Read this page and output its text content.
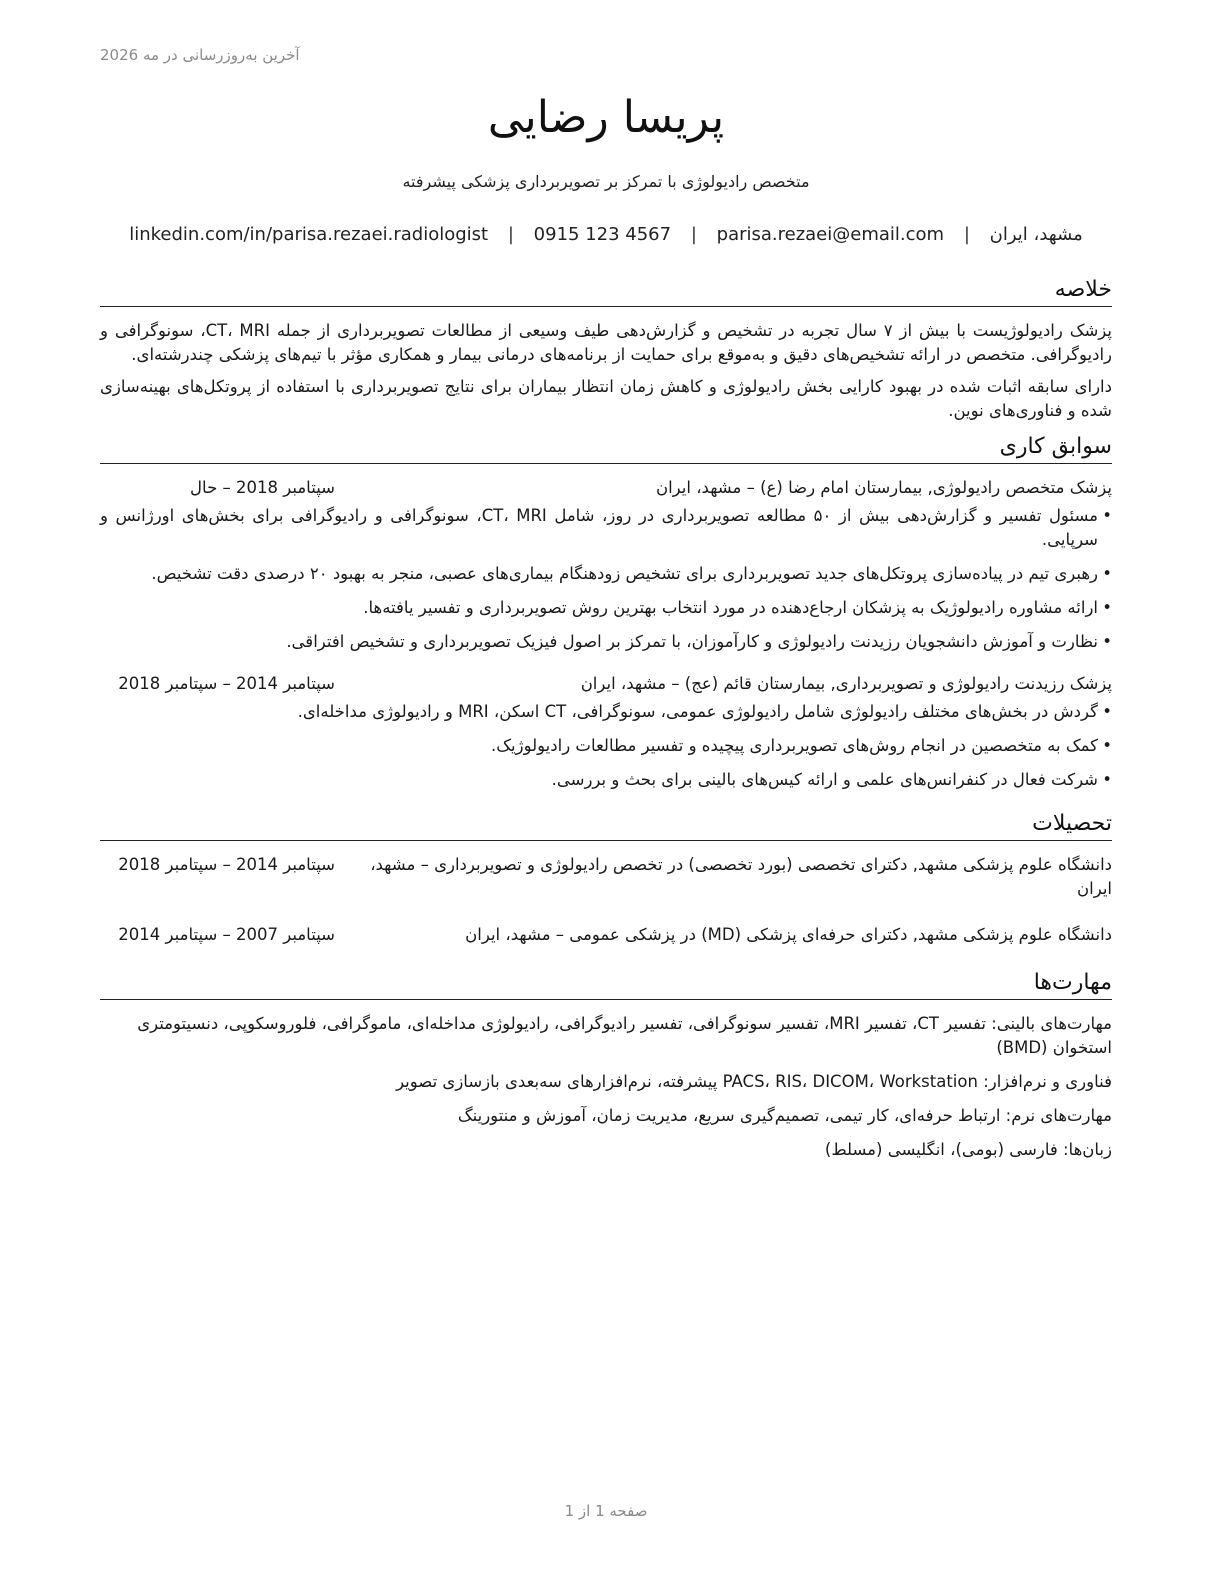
آخرین به‌روزرسانی در مه 2026
پریسا رضایی
متخصص رادیولوژی با تمرکز بر تصویربرداری پزشکی پیشرفته
مشهد، ایران | parisa.rezaei@email.com | 0915 123 4567 | linkedin.com/in/parisa.rezaei.radiologist
خلاصه

پزشک رادیولوژیست با بیش از ۷ سال تجربه در تشخیص و گزارش‌دهی طیف وسیعی از مطالعات تصویربرداری از جمله CT، MRI، سونوگرافی و رادیوگرافی. متخصص در ارائه تشخیص‌های دقیق و به‌موقع برای حمایت از برنامه‌های درمانی بیمار و همکاری مؤثر با تیم‌های پزشکی چندرشته‌ای.

دارای سابقه اثبات شده در بهبود کارایی بخش رادیولوژی و کاهش زمان انتظار بیماران برای نتایج تصویربرداری با استفاده از پروتکل‌های بهینه‌سازی شده و فناوری‌های نوین.

سوابق کاری
پزشک متخصص رادیولوژی, بیمارستان امام رضا (ع) – مشهد، ایران
سپتامبر 2018 – حال
• مسئول تفسیر و گزارش‌دهی بیش از ۵۰ مطالعه تصویربرداری در روز، شامل CT، MRI، سونوگرافی و رادیوگرافی برای بخش‌های اورژانس و سرپایی.
• رهبری تیم در پیاده‌سازی پروتکل‌های جدید تصویربرداری برای تشخیص زودهنگام بیماری‌های عصبی، منجر به بهبود ۲۰ درصدی دقت تشخیص.
• ارائه مشاوره رادیولوژیک به پزشکان ارجاع‌دهنده در مورد انتخاب بهترین روش تصویربرداری و تفسیر یافته‌ها.
• نظارت و آموزش دانشجویان رزیدنت رادیولوژی و کارآموزان، با تمرکز بر اصول فیزیک تصویربرداری و تشخیص افتراقی.
پزشک رزیدنت رادیولوژی و تصویربرداری, بیمارستان قائم (عج) – مشهد، ایران
سپتامبر 2014 – سپتامبر 2018
• گردش در بخش‌های مختلف رادیولوژی شامل رادیولوژی عمومی، سونوگرافی، CT اسکن، MRI و رادیولوژی مداخله‌ای.
• کمک به متخصصین در انجام روش‌های تصویربرداری پیچیده و تفسیر مطالعات رادیولوژیک.
• شرکت فعال در کنفرانس‌های علمی و ارائه کیس‌های بالینی برای بحث و بررسی.
تحصیلات
دانشگاه علوم پزشکی مشهد, دکترای تخصصی (بورد تخصصی) در تخصص رادیولوژی و تصویربرداری – مشهد، ایران
سپتامبر 2014 – سپتامبر 2018
دانشگاه علوم پزشکی مشهد, دکترای حرفه‌ای پزشکی (MD) در پزشکی عمومی – مشهد، ایران
سپتامبر 2007 – سپتامبر 2014
مهارت‌ها

مهارت‌های بالینی: تفسیر CT، تفسیر MRI، تفسیر سونوگرافی، تفسیر رادیوگرافی، رادیولوژی مداخله‌ای، ماموگرافی، فلوروسکوپی، دنسیتومتری استخوان (BMD)

فناوری و نرم‌افزار: PACS، RIS، DICOM، Workstation پیشرفته، نرم‌افزارهای سه‌بعدی بازسازی تصویر

مهارت‌های نرم: ارتباط حرفه‌ای، کار تیمی، تصمیم‌گیری سریع، مدیریت زمان، آموزش و منتورینگ

زبان‌ها: فارسی (بومی)، انگلیسی (مسلط)

صفحه 1 از 1
